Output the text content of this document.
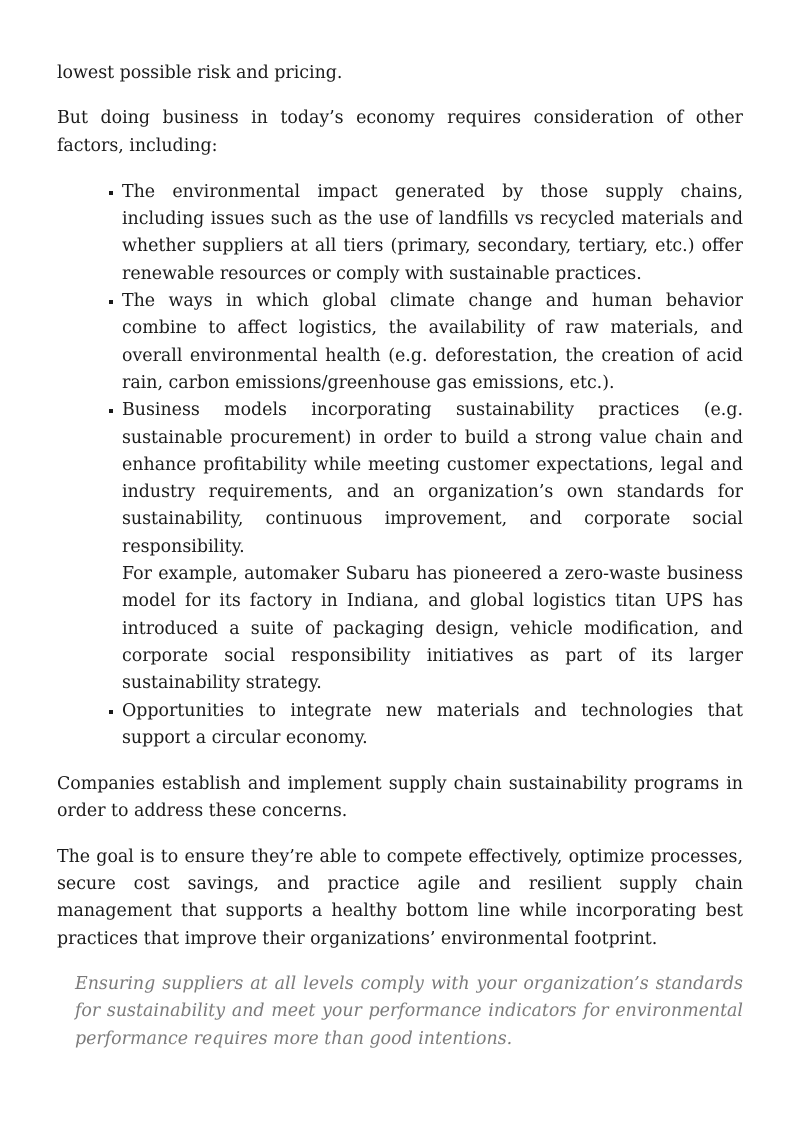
lowest possible risk and pricing.

But doing business in today’s economy requires consideration of other factors, including:

The environmental impact generated by those supply chains, including issues such as the use of landfills vs recycled materials and whether suppliers at all tiers (primary, secondary, tertiary, etc.) offer renewable resources or comply with sustainable practices.
The ways in which global climate change and human behavior combine to affect logistics, the availability of raw materials, and overall environmental health (e.g. deforestation, the creation of acid rain, carbon emissions/greenhouse gas emissions, etc.).
Business models incorporating sustainability practices (e.g. sustainable procurement) in order to build a strong value chain and enhance profitability while meeting customer expectations, legal and industry requirements, and an organization’s own standards for sustainability, continuous improvement, and corporate social responsibility.
For example, automaker Subaru has pioneered a zero-waste business model for its factory in Indiana, and global logistics titan UPS has introduced a suite of packaging design, vehicle modification, and corporate social responsibility initiatives as part of its larger sustainability strategy.
Opportunities to integrate new materials and technologies that support a circular economy.

Companies establish and implement supply chain sustainability programs in order to address these concerns.

The goal is to ensure they’re able to compete effectively, optimize processes, secure cost savings, and practice agile and resilient supply chain management that supports a healthy bottom line while incorporating best practices that improve their organizations’ environmental footprint.

Ensuring suppliers at all levels comply with your organization’s standards for sustainability and meet your performance indicators for environmental performance requires more than good intentions.
